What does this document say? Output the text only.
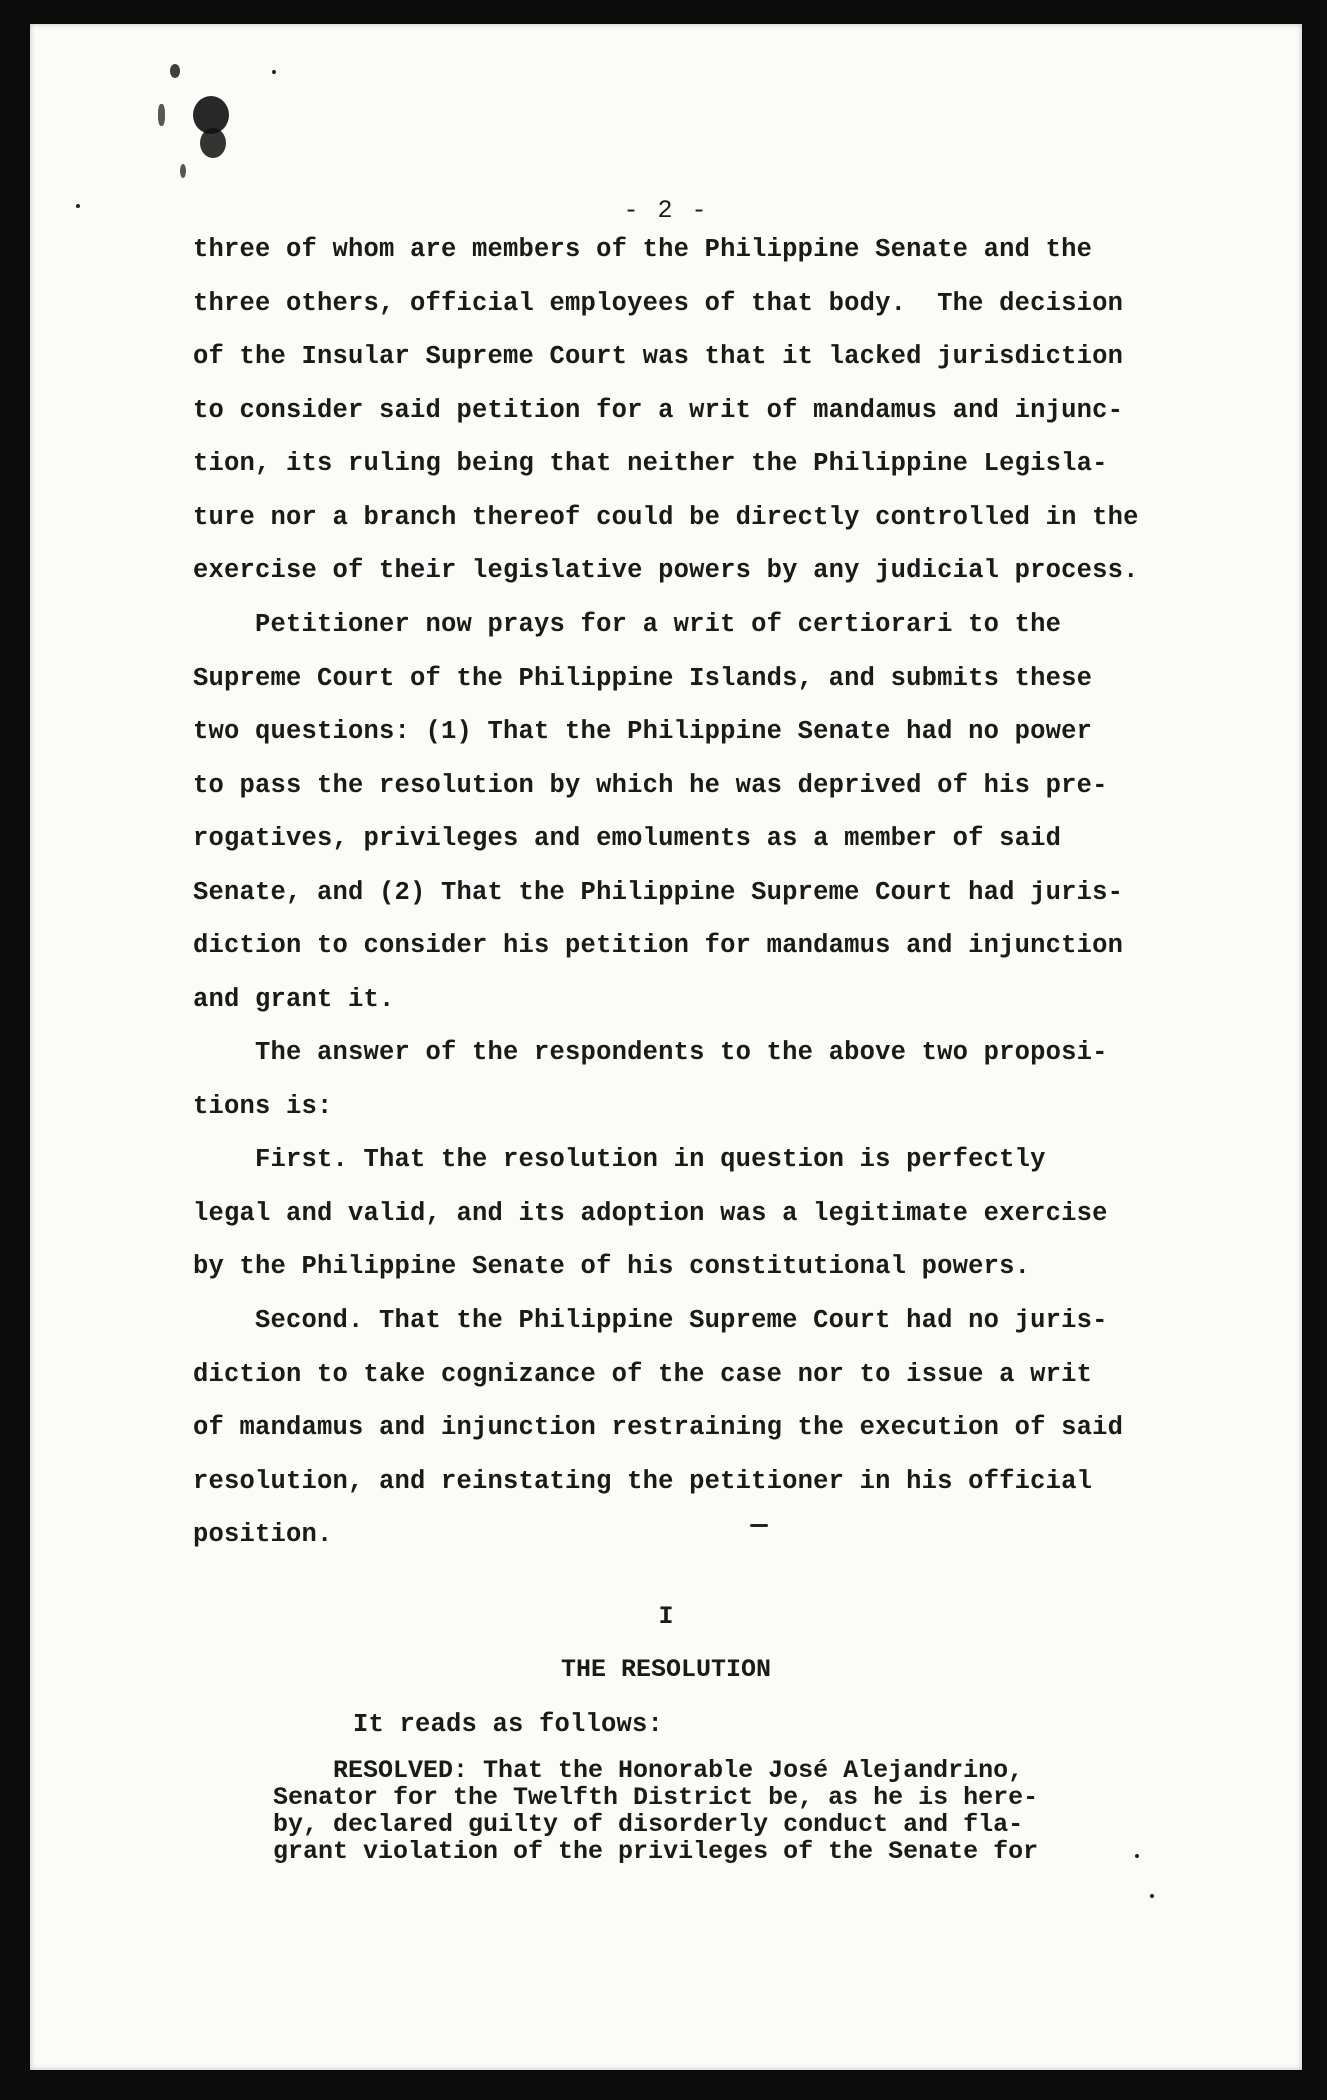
- 2 -
three of whom are members of the Philippine Senate and the
three others, official employees of that body.  The decision
of the Insular Supreme Court was that it lacked jurisdiction
to consider said petition for a writ of mandamus and injunc-
tion, its ruling being that neither the Philippine Legisla-
ture nor a branch thereof could be directly controlled in the
exercise of their legislative powers by any judicial process.
Petitioner now prays for a writ of certiorari to the
Supreme Court of the Philippine Islands, and submits these
two questions: (1) That the Philippine Senate had no power
to pass the resolution by which he was deprived of his pre-
rogatives, privileges and emoluments as a member of said
Senate, and (2) That the Philippine Supreme Court had juris-
diction to consider his petition for mandamus and injunction
and grant it.
The answer of the respondents to the above two proposi-
tions is:
First. That the resolution in question is perfectly
legal and valid, and its adoption was a legitimate exercise
by the Philippine Senate of his constitutional powers.
Second. That the Philippine Supreme Court had no juris-
diction to take cognizance of the case nor to issue a writ
of mandamus and injunction restraining the execution of said
resolution, and reinstating the petitioner in his official
position.
I
THE RESOLUTION
It reads as follows:
RESOLVED: That the Honorable José Alejandrino,
Senator for the Twelfth District be, as he is here-
by, declared guilty of disorderly conduct and fla-
grant violation of the privileges of the Senate for
